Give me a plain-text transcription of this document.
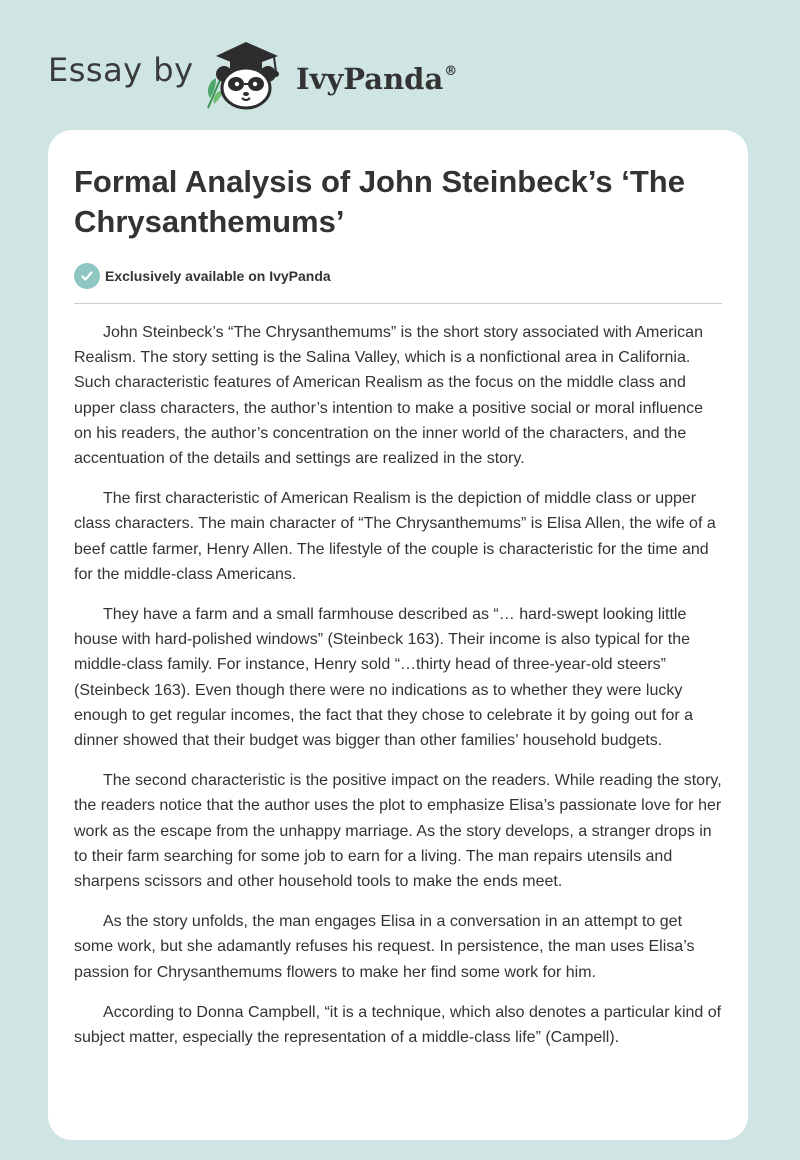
Essay by	IvyPanda®
Formal Analysis of John Steinbeck’s ‘The Chrysanthemums’
Exclusively available on IvyPanda

John Steinbeck’s “The Chrysanthemums” is the short story associated with American Realism. The story setting is the Salina Valley, which is a nonfictional area in California. Such characteristic features of American Realism as the focus on the middle class and upper class characters, the author’s intention to make a positive social or moral influence on his readers, the author’s concentration on the inner world of the characters, and the accentuation of the details and settings are realized in the story.

The first characteristic of American Realism is the depiction of middle class or upper class characters. The main character of “The Chrysanthemums” is Elisa Allen, the wife of a beef cattle farmer, Henry Allen. The lifestyle of the couple is characteristic for the time and for the middle-class Americans.

They have a farm and a small farmhouse described as “… hard-swept looking little house with hard-polished windows” (Steinbeck 163). Their income is also typical for the middle-class family. For instance, Henry sold “…thirty head of three-year-old steers” (Steinbeck 163). Even though there were no indications as to whether they were lucky enough to get regular incomes, the fact that they chose to celebrate it by going out for a dinner showed that their budget was bigger than other families’ household budgets.

The second characteristic is the positive impact on the readers. While reading the story, the readers notice that the author uses the plot to emphasize Elisa’s passionate love for her work as the escape from the unhappy marriage. As the story develops, a stranger drops in to their farm searching for some job to earn for a living. The man repairs utensils and sharpens scissors and other household tools to make the ends meet.

As the story unfolds, the man engages Elisa in a conversation in an attempt to get some work, but she adamantly refuses his request. In persistence, the man uses Elisa’s passion for Chrysanthemums flowers to make her find some work for him.

According to Donna Campbell, “it is a technique, which also denotes a particular kind of subject matter, especially the representation of a middle-class life” (Campell).
